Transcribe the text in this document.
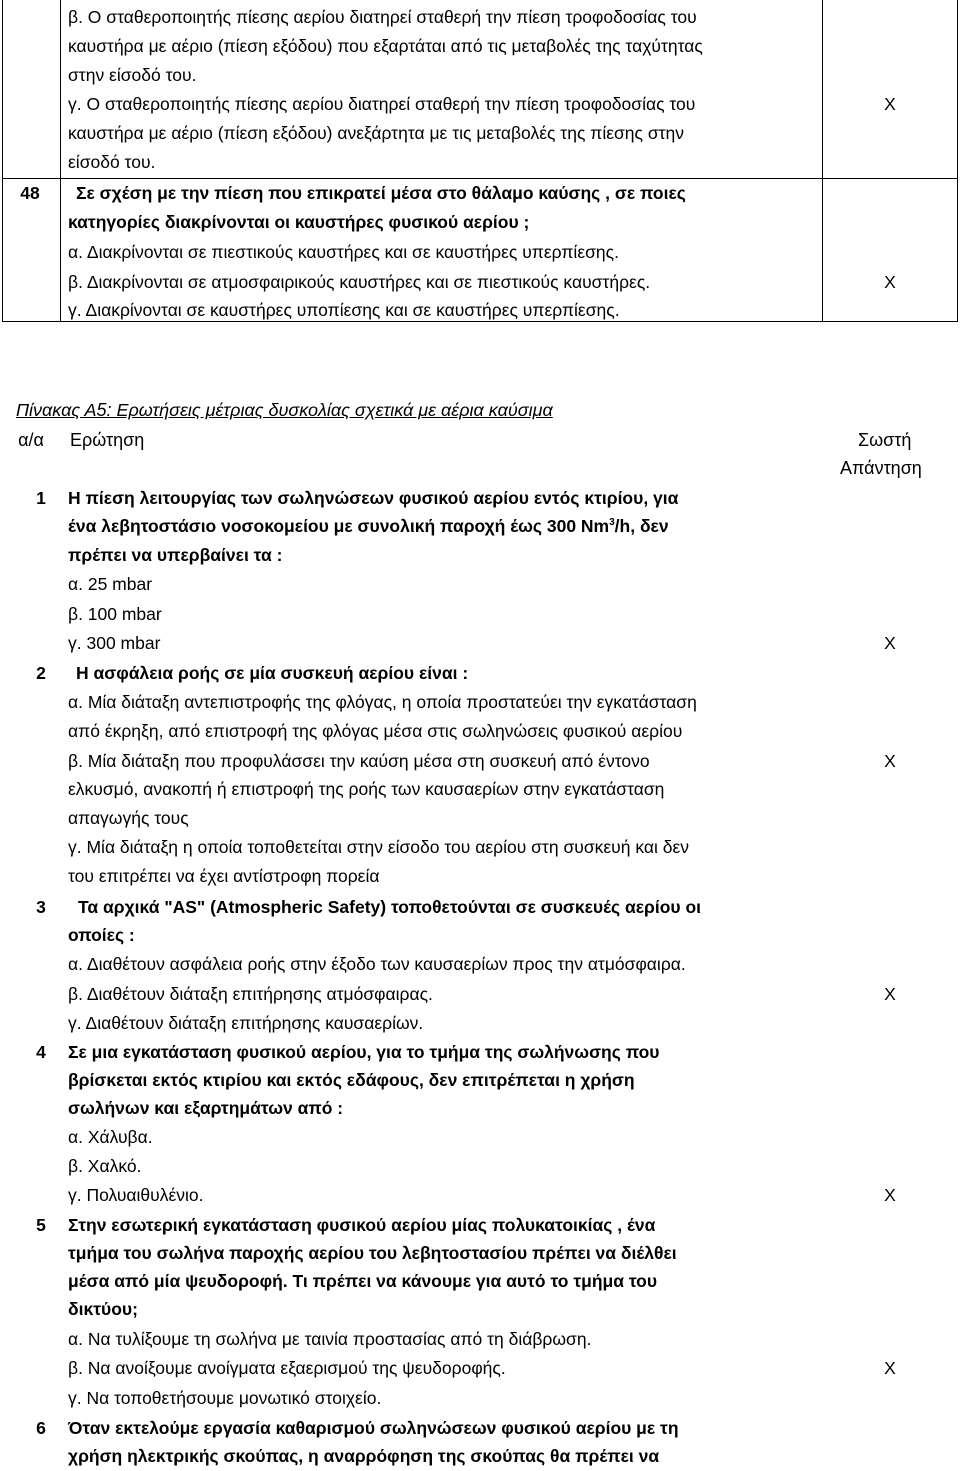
β. Ο σταθεροποιητής πίεσης αερίου διατηρεί σταθερή την πίεση τροφοδοσίας του
καυστήρα με αέριο (πίεση εξόδου) που εξαρτάται από τις μεταβολές της ταχύτητας
στην είσοδό του.
γ. Ο σταθεροποιητής πίεσης αερίου διατηρεί σταθερή την πίεση τροφοδοσίας του
καυστήρα με αέριο (πίεση εξόδου) ανεξάρτητα με τις μεταβολές της πίεσης στην
είσοδό του.
X
48	Σε σχέση με την πίεση που επικρατεί μέσα στο θάλαμο καύσης , σε ποιες
κατηγορίες διακρίνονται οι καυστήρες φυσικού αερίου ;
α. Διακρίνονται σε πιεστικούς καυστήρες και σε καυστήρες υπερπίεσης.
β. Διακρίνονται σε ατμοσφαιρικούς καυστήρες και σε πιεστικούς καυστήρες.	X
γ. Διακρίνονται σε καυστήρες υποπίεσης και σε καυστήρες υπερπίεσης.
Πίνακας Α5: Ερωτήσεις μέτριας δυσκολίας σχετικά με αέρια καύσιμα
α/α	Ερώτηση	Σωστή
Απάντηση
1	Η πίεση λειτουργίας των σωληνώσεων φυσικού αερίου εντός κτιρίου, για
ένα λεβητοστάσιο νοσοκομείου με συνολική παροχή έως 300 Nm$^3$/h, δεν
πρέπει να υπερβαίνει τα :
α. 25 mbar
β. 100 mbar
γ. 300 mbar	X
2	Η ασφάλεια ροής σε μία συσκευή αερίου είναι :
α. Μία διάταξη αντεπιστροφής της φλόγας, η οποία προστατεύει την εγκατάσταση
από έκρηξη, από επιστροφή της φλόγας μέσα στις σωληνώσεις φυσικού αερίου
β. Μία διάταξη που προφυλάσσει την καύση μέσα στη συσκευή από έντονο	X
ελκυσμό, ανακοπή ή επιστροφή της ροής των καυσαερίων στην εγκατάσταση
απαγωγής τους
γ. Μία διάταξη η οποία τοποθετείται στην είσοδο του αερίου στη συσκευή και δεν
του επιτρέπει να έχει αντίστροφη πορεία
3	Τα αρχικά "AS" (Atmospheric Safety) τοποθετούνται σε συσκευές αερίου οι
οποίες :
α. Διαθέτουν ασφάλεια ροής στην έξοδο των καυσαερίων προς την ατμόσφαιρα.
β. Διαθέτουν διάταξη επιτήρησης ατμόσφαιρας.	X
γ. Διαθέτουν διάταξη επιτήρησης καυσαερίων.
4	Σε μια εγκατάσταση φυσικού αερίου, για το τμήμα της σωλήνωσης που
βρίσκεται εκτός κτιρίου και εκτός εδάφους, δεν επιτρέπεται η χρήση
σωλήνων και εξαρτημάτων από :
α. Χάλυβα.
β. Χαλκό.
γ. Πολυαιθυλένιο.	X
5	Στην εσωτερική εγκατάσταση φυσικού αερίου μίας πολυκατοικίας , ένα
τμήμα του σωλήνα παροχής αερίου του λεβητοστασίου πρέπει να διέλθει
μέσα από μία ψευδοροφή. Τι πρέπει να κάνουμε για αυτό το τμήμα του
δικτύου;
α. Να τυλίξουμε τη σωλήνα με ταινία προστασίας από τη διάβρωση.
β. Να ανοίξουμε ανοίγματα εξαερισμού της ψευδοροφής.	X
γ. Να τοποθετήσουμε μονωτικό στοιχείο.
6	Όταν εκτελούμε εργασία καθαρισμού σωληνώσεων φυσικού αερίου με τη
χρήση ηλεκτρικής σκούπας, η αναρρόφηση της σκούπας θα πρέπει να
